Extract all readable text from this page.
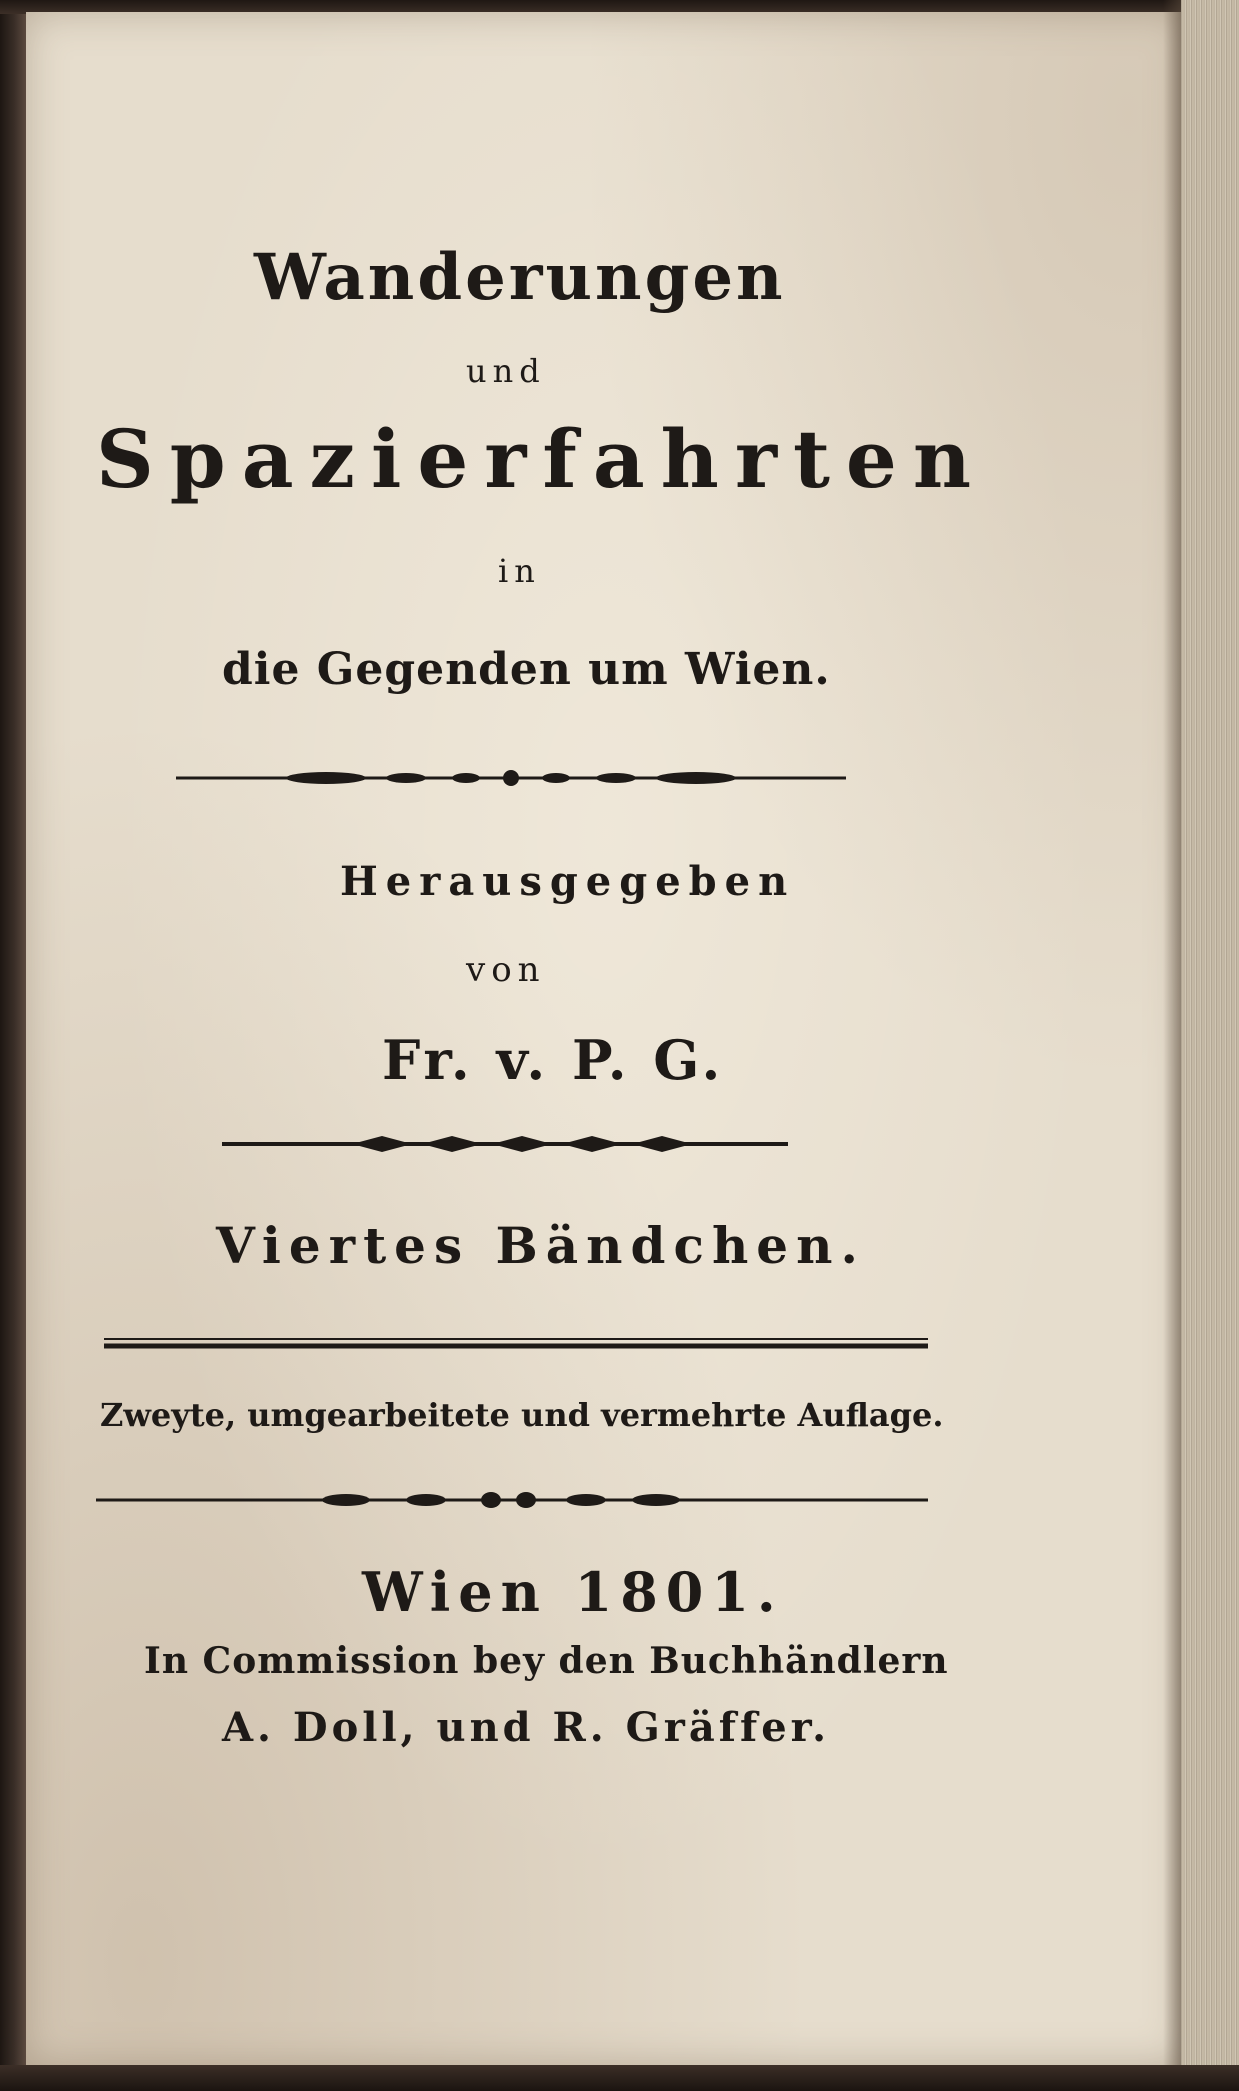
Wanderungen
und
Spazierfahrten
in
die Gegenden um Wien.
Herausgegeben
von
Fr. v. P. G.
Viertes Bändchen.
Zweyte, umgearbeitete und vermehrte Auflage.
Wien 1801.
In Commission bey den Buchhändlern
A. Doll, und R. Gräffer.
